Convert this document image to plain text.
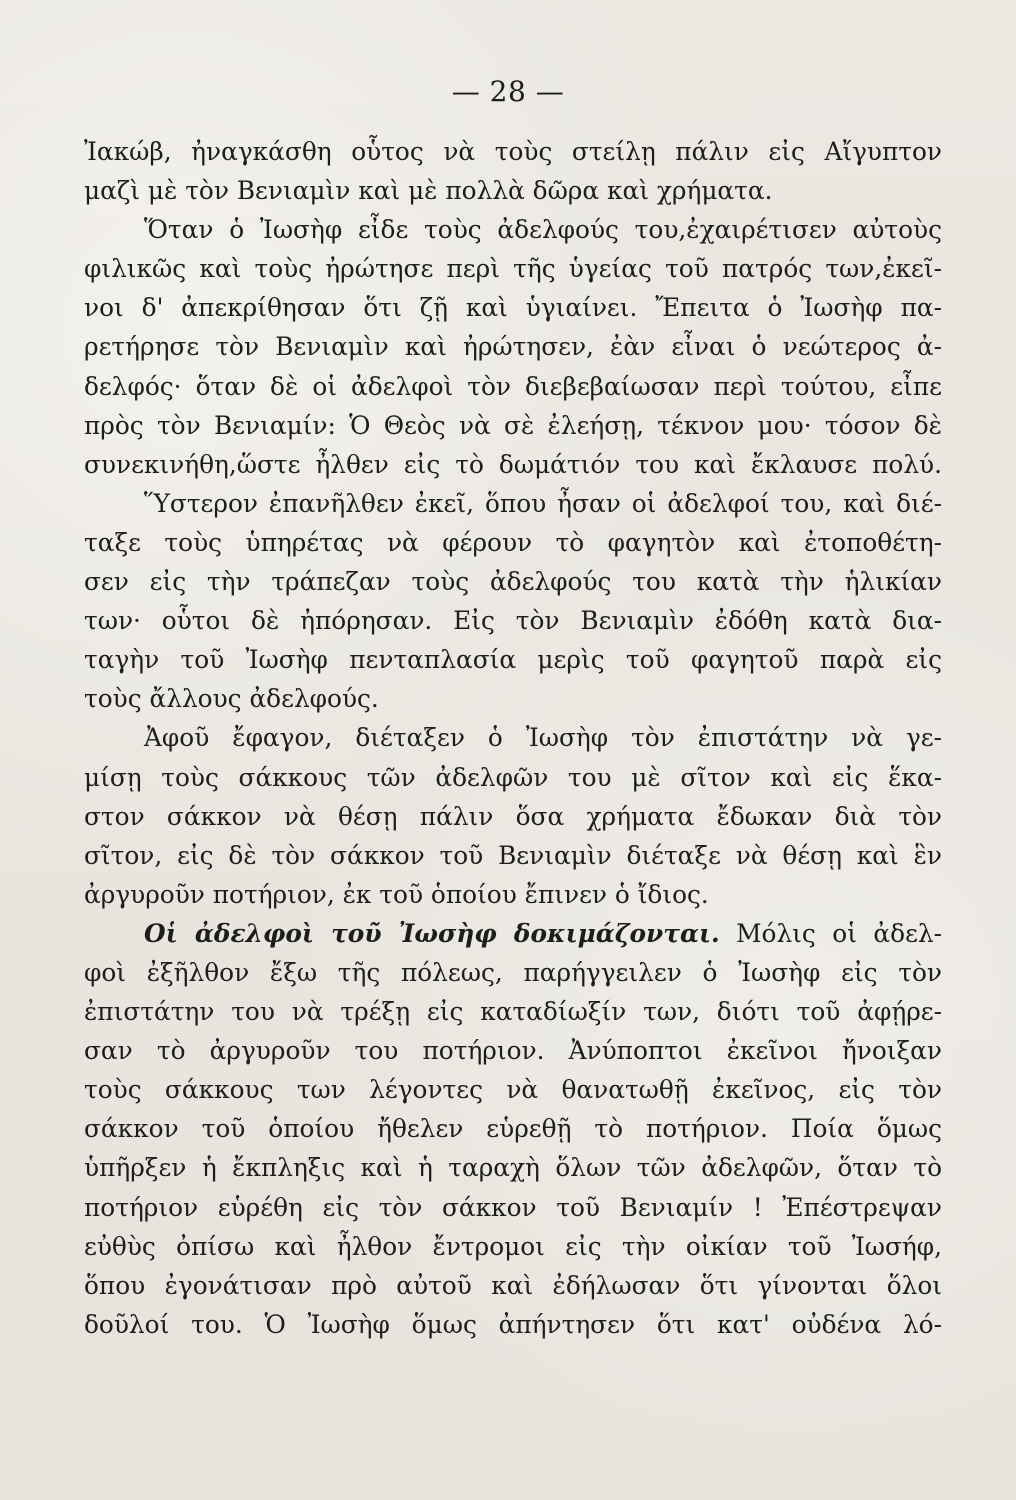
— 28 —
Ἰακώβ, ἠναγκάσθη οὗτος νὰ τοὺς στείλῃ πάλιν εἰς Αἴγυπτον
μαζὶ μὲ τὸν Βενιαμὶν καὶ μὲ πολλὰ δῶρα καὶ χρήματα.
Ὅταν ὁ Ἰωσὴφ εἶδε τοὺς ἀδελφούς του,ἐχαιρέτισεν αὐτοὺς
φιλικῶς καὶ τοὺς ἠρώτησε περὶ τῆς ὑγείας τοῦ πατρός των,ἐκεῖ-
νοι δ' ἀπεκρίθησαν ὅτι ζῇ καὶ ὑγιαίνει. Ἔπειτα ὁ Ἰωσὴφ πα-
ρετήρησε τὸν Βενιαμὶν καὶ ἠρώτησεν, ἐὰν εἶναι ὁ νεώτερος ἀ-
δελφός· ὅταν δὲ οἱ ἀδελφοὶ τὸν διεβεβαίωσαν περὶ τούτου, εἶπε
πρὸς τὸν Βενιαμίν: Ὁ Θεὸς νὰ σὲ ἐλεήσῃ, τέκνον μου· τόσον δὲ
συνεκινήθη,ὥστε ἦλθεν εἰς τὸ δωμάτιόν του καὶ ἔκλαυσε πολύ.
Ὕστερον ἐπανῆλθεν ἐκεῖ, ὅπου ἦσαν οἱ ἀδελφοί του, καὶ διέ-
ταξε τοὺς ὑπηρέτας νὰ φέρουν τὸ φαγητὸν καὶ ἐτοποθέτη-
σεν εἰς τὴν τράπεζαν τοὺς ἀδελφούς του κατὰ τὴν ἡλικίαν
των· οὗτοι δὲ ἠπόρησαν. Εἰς τὸν Βενιαμὶν ἐδόθη κατὰ δια-
ταγὴν τοῦ Ἰωσὴφ πενταπλασία μερὶς τοῦ φαγητοῦ παρὰ εἰς
τοὺς ἄλλους ἀδελφούς.
Ἀφοῦ ἔφαγον, διέταξεν ὁ Ἰωσὴφ τὸν ἐπιστάτην νὰ γε-
μίσῃ τοὺς σάκκους τῶν ἀδελφῶν του μὲ σῖτον καὶ εἰς ἕκα-
στον σάκκον νὰ θέσῃ πάλιν ὅσα χρήματα ἔδωκαν διὰ τὸν
σῖτον, εἰς δὲ τὸν σάκκον τοῦ Βενιαμὶν διέταξε νὰ θέσῃ καὶ ἓν
ἀργυροῦν ποτήριον, ἐκ τοῦ ὁποίου ἔπινεν ὁ ἴδιος.
Οἱ ἀδελφοὶ τοῦ Ἰωσὴφ δοκιμάζονται. Μόλις οἱ ἀδελ-
φοὶ ἐξῆλθον ἔξω τῆς πόλεως, παρήγγειλεν ὁ Ἰωσὴφ εἰς τὸν
ἐπιστάτην του νὰ τρέξῃ εἰς καταδίωξίν των, διότι τοῦ ἀφῄρε-
σαν τὸ ἀργυροῦν του ποτήριον. Ἀνύποπτοι ἐκεῖνοι ἤνοιξαν
τοὺς σάκκους των λέγοντες νὰ θανατωθῇ ἐκεῖνος, εἰς τὸν
σάκκον τοῦ ὁποίου ἤθελεν εὑρεθῇ τὸ ποτήριον. Ποία ὅμως
ὑπῆρξεν ἡ ἔκπληξις καὶ ἡ ταραχὴ ὅλων τῶν ἀδελφῶν, ὅταν τὸ
ποτήριον εὑρέθη εἰς τὸν σάκκον τοῦ Βενιαμίν ! Ἐπέστρεψαν
εὐθὺς ὀπίσω καὶ ἦλθον ἔντρομοι εἰς τὴν οἰκίαν τοῦ Ἰωσήφ,
ὅπου ἐγονάτισαν πρὸ αὐτοῦ καὶ ἐδήλωσαν ὅτι γίνονται ὅλοι
δοῦλοί του. Ὁ Ἰωσὴφ ὅμως ἀπήντησεν ὅτι κατ' οὐδένα λό-
